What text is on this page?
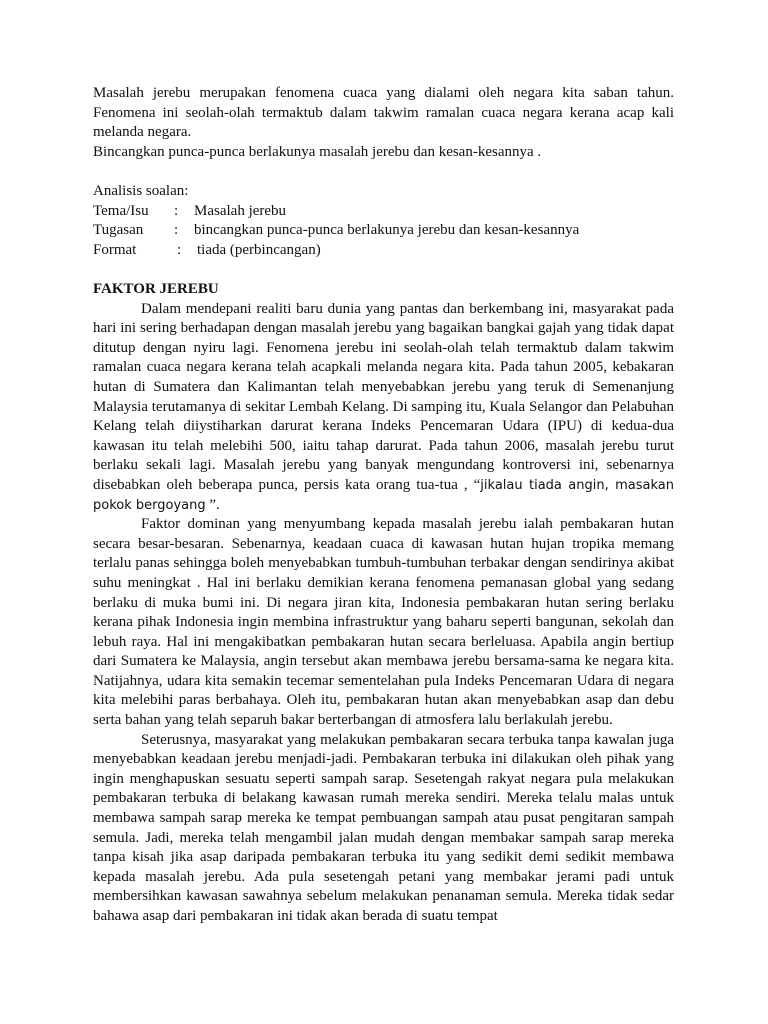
Masalah jerebu merupakan fenomena cuaca yang dialami oleh negara kita saban tahun. Fenomena ini seolah-olah termaktub dalam takwim ramalan cuaca negara kerana acap kali melanda negara.

Bincangkan punca-punca berlakunya masalah jerebu dan kesan-kesannya .

Analisis soalan:

Tema/Isu : Masalah jerebu
Tugasan : bincangkan punca-punca berlakunya jerebu dan kesan-kesannya
Format	: tiada (perbincangan)

FAKTOR JEREBU

Dalam mendepani realiti baru dunia yang pantas dan berkembang ini, masyarakat pada hari ini sering berhadapan dengan masalah jerebu yang bagaikan bangkai gajah yang tidak dapat ditutup dengan nyiru lagi. Fenomena jerebu ini seolah-olah telah termaktub dalam takwim ramalan cuaca negara kerana telah acapkali melanda negara kita. Pada tahun 2005, kebakaran hutan di Sumatera dan Kalimantan telah menyebabkan jerebu yang teruk di Semenanjung Malaysia terutamanya di sekitar Lembah Kelang. Di samping itu, Kuala Selangor dan Pelabuhan Kelang telah diiystiharkan darurat kerana Indeks Pencemaran Udara (IPU) di kedua-dua kawasan itu telah melebihi 500, iaitu tahap darurat. Pada tahun 2006, masalah jerebu turut berlaku sekali lagi. Masalah jerebu yang banyak mengundang kontroversi ini, sebenarnya disebabkan oleh beberapa punca, persis kata orang tua-tua , “jikalau tiada angin, masakan pokok bergoyang ”.

Faktor dominan yang menyumbang kepada masalah jerebu ialah pembakaran hutan secara besar-besaran. Sebenarnya, keadaan cuaca di kawasan hutan hujan tropika memang terlalu panas sehingga boleh menyebabkan tumbuh-tumbuhan terbakar dengan sendirinya akibat suhu meningkat . Hal ini berlaku demikian kerana fenomena pemanasan global yang sedang berlaku di muka bumi ini. Di negara jiran kita, Indonesia pembakaran hutan sering berlaku kerana pihak Indonesia ingin membina infrastruktur yang baharu seperti bangunan, sekolah dan lebuh raya. Hal ini mengakibatkan pembakaran hutan secara berleluasa. Apabila angin bertiup dari Sumatera ke Malaysia, angin tersebut akan membawa jerebu bersama-sama ke negara kita. Natijahnya, udara kita semakin tecemar sementelahan pula Indeks Pencemaran Udara di negara kita melebihi paras berbahaya. Oleh itu, pembakaran hutan akan menyebabkan asap dan debu serta bahan yang telah separuh bakar berterbangan di atmosfera lalu berlakulah jerebu.

Seterusnya, masyarakat yang melakukan pembakaran secara terbuka tanpa kawalan juga menyebabkan keadaan jerebu menjadi-jadi. Pembakaran terbuka ini dilakukan oleh pihak yang ingin menghapuskan sesuatu seperti sampah sarap. Sesetengah rakyat negara pula melakukan pembakaran terbuka di belakang kawasan rumah mereka sendiri. Mereka telalu malas untuk membawa sampah sarap mereka ke tempat pembuangan sampah atau pusat pengitaran sampah semula. Jadi, mereka telah mengambil jalan mudah dengan membakar sampah sarap mereka tanpa kisah jika asap daripada pembakaran terbuka itu yang sedikit demi sedikit membawa kepada masalah jerebu. Ada pula sesetengah petani yang membakar jerami padi untuk membersihkan kawasan sawahnya sebelum melakukan penanaman semula. Mereka tidak sedar bahawa asap dari pembakaran ini tidak akan berada di suatu tempat
